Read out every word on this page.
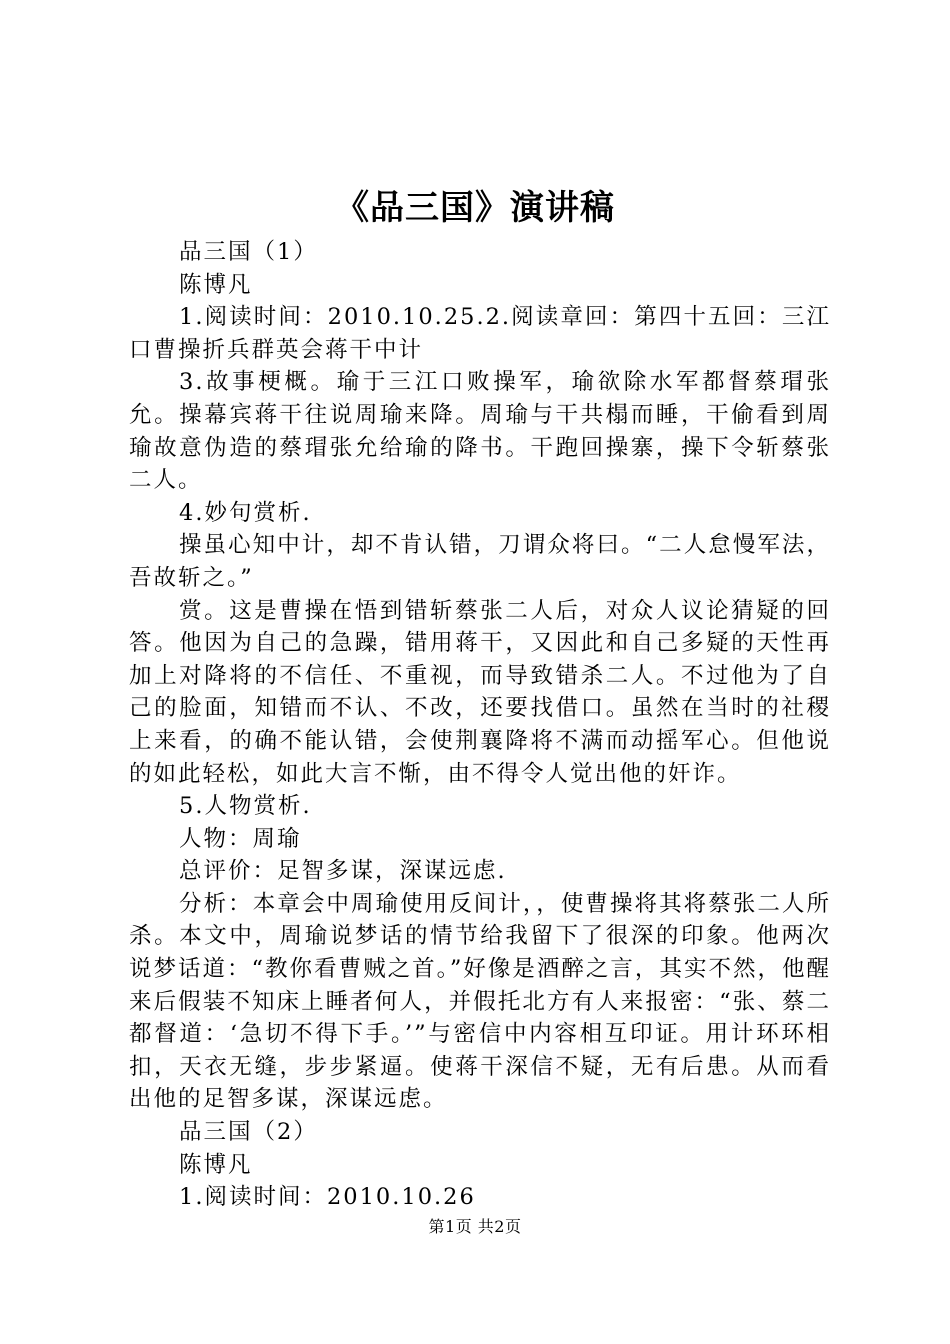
《品三国》演讲稿

品三国（1）

陈博凡

1.阅读时间：2010.10.25.2.阅读章回：第四十五回：三江口曹操折兵群英会蒋干中计

3.故事梗概。瑜于三江口败操军，瑜欲除水军都督蔡瑁张允。操幕宾蒋干往说周瑜来降。周瑜与干共榻而睡，干偷看到周瑜故意伪造的蔡瑁张允给瑜的降书。干跑回操寨，操下令斩蔡张二人。

4.妙句赏析.

操虽心知中计，却不肯认错，刀谓众将曰。“二人怠慢军法，吾故斩之。”

赏。这是曹操在悟到错斩蔡张二人后，对众人议论猜疑的回答。他因为自己的急躁，错用蒋干，又因此和自己多疑的天性再加上对降将的不信任、不重视，而导致错杀二人。不过他为了自己的脸面，知错而不认、不改，还要找借口。虽然在当时的社稷上来看，的确不能认错，会使荆襄降将不满而动摇军心。但他说的如此轻松，如此大言不惭，由不得令人觉出他的奸诈。

5.人物赏析.

人物：周瑜

总评价：足智多谋，深谋远虑.

分析：本章会中周瑜使用反间计，，使曹操将其将蔡张二人所杀。本文中，周瑜说梦话的情节给我留下了很深的印象。他两次说梦话道：“教你看曹贼之首。”好像是酒醉之言，其实不然，他醒来后假装不知床上睡者何人，并假托北方有人来报密：“张、蔡二都督道：‘急切不得下手。’”与密信中内容相互印证。用计环环相扣，天衣无缝，步步紧逼。使蒋干深信不疑，无有后患。从而看出他的足智多谋，深谋远虑。

品三国（2）

陈博凡

1.阅读时间：2010.10.26

第1页 共2页
